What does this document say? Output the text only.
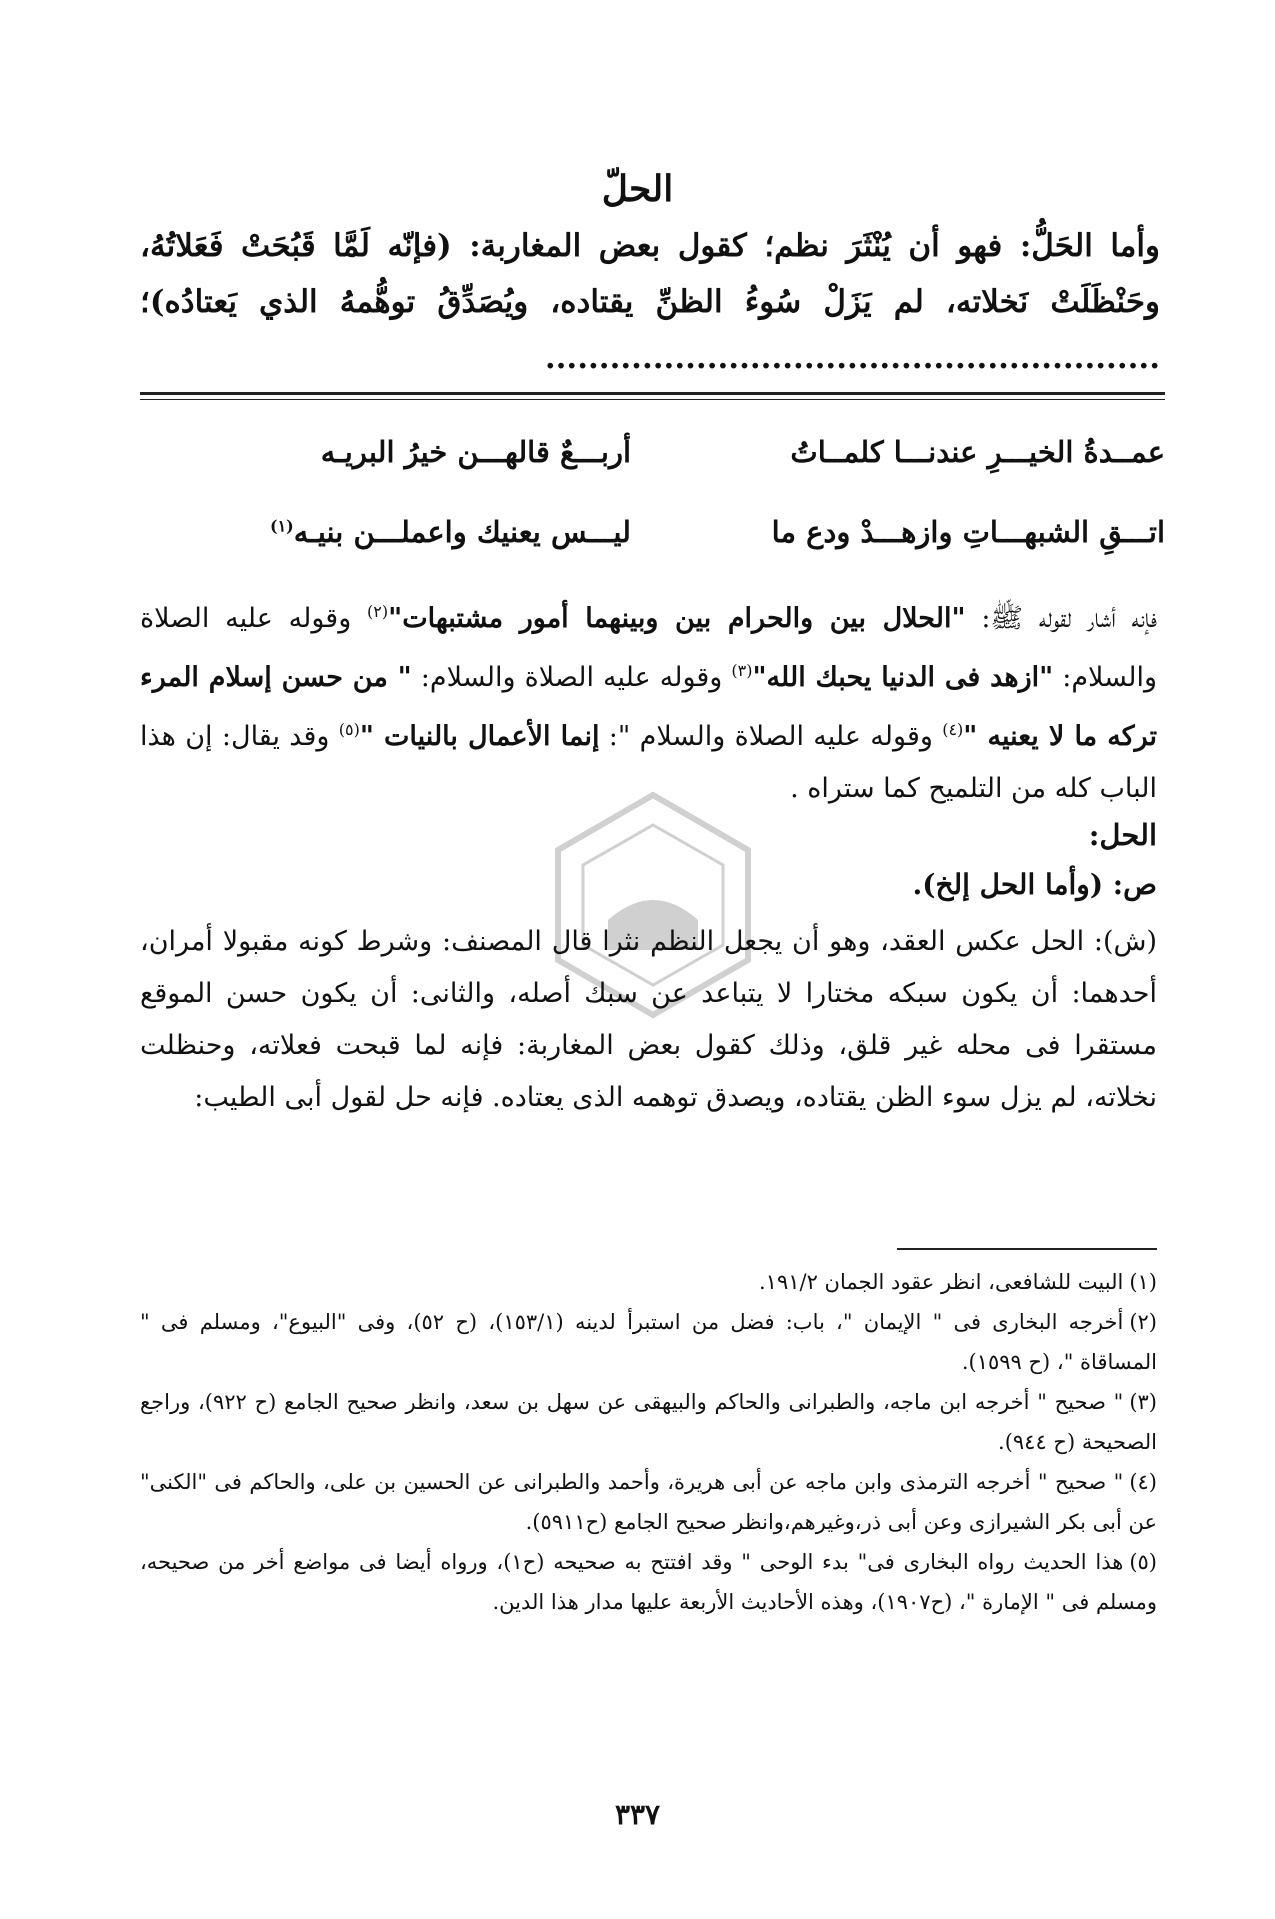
الحلّ
وأما الحَلُّ: فهو أن يُنْثَرَ نظم؛ كقول بعض المغاربة: (فإنّه لَمَّا قَبُحَتْ فَعَلاتُهُ، وحَنْظَلَتْ نَخلاته، لم يَزَلْ سُوءُ الظنِّ يقتاده، ويُصَدِّقُ توهُّمهُ الذي يَعتادُه)؛ .........................................................
عمــدةُ الخيـــرِ عندنـــا كلمــاتُ
أربـــعٌ قالهـــن خيرُ البريـه
اتـــقِ الشبهـــاتِ وازهـــدْ ودع ما
ليـــس يعنيك واعملـــن بنيـه$^{(١)}$

فإنه أشار لقوله ﷺ: "الحلال بين والحرام بين وبينهما أمور مشتبهات"$^{(٢)}$ وقوله عليه الصلاة والسلام: "ازهد فى الدنيا يحبك الله"$^{(٣)}$ وقوله عليه الصلاة والسلام: " من حسن إسلام المرء تركه ما لا يعنيه "$^{(٤)}$ وقوله عليه الصلاة والسلام ": إنما الأعمال بالنيات "$^{(٥)}$ وقد يقال: إن هذا الباب كله من التلميح كما ستراه .

الحل:
ص: (وأما الحل إلخ).

(ش): الحل عكس العقد، وهو أن يجعل النظم نثرا قال المصنف: وشرط كونه مقبولا أمران، أحدهما: أن يكون سبكه مختارا لا يتباعد عن سبك أصله، والثانى: أن يكون حسن الموقع مستقرا فى محله غير قلق، وذلك كقول بعض المغاربة: فإنه لما قبحت فعلاته، وحنظلت نخلاته، لم يزل سوء الظن يقتاده، ويصدق توهمه الذى يعتاده. فإنه حل لقول أبى الطيب:

(١)البيت للشافعى، انظر عقود الجمان ١٩١/٢.

(٢)أخرجه البخارى فى " الإيمان "، باب: فضل من استبرأ لدينه (١٥٣/١)، (ح ٥٢)، وفى "البيوع"، ومسلم فى " المساقاة "، (ح ١٥٩٩).

(٣)" صحيح " أخرجه ابن ماجه، والطبرانى والحاكم والبيهقى عن سهل بن سعد، وانظر صحيح الجامع (ح ٩٢٢)، وراجع الصحيحة (ح ٩٤٤).

(٤)" صحيح " أخرجه الترمذى وابن ماجه عن أبى هريرة، وأحمد والطبرانى عن الحسين بن على، والحاكم فى "الكنى" عن أبى بكر الشيرازى وعن أبى ذر،وغيرهم،وانظر صحيح الجامع (ح٥٩١١).

(٥)هذا الحديث رواه البخارى فى" بدء الوحى " وقد افتتح به صحيحه (ح١)، ورواه أيضا فى مواضع أخر من صحيحه، ومسلم فى " الإمارة "، (ح١٩٠٧)، وهذه الأحاديث الأربعة عليها مدار هذا الدين.

٣٣٧
